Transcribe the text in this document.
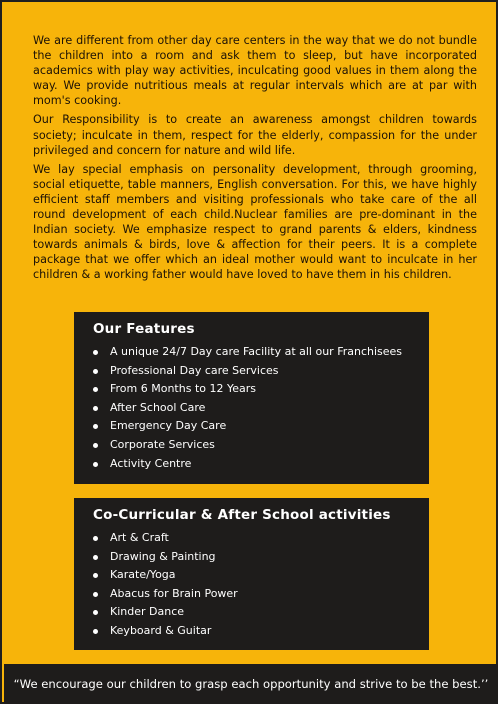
We are different from other day care centers in the way that we do not bundle the children into a room and ask them to sleep, but have incorporated academics with play way activities, inculcating good values in them along the way. We provide nutritious meals at regular intervals which are at par with mom's cooking.

Our Responsibility is to create an awareness amongst children towards society; inculcate in them, respect for the elderly, compassion for the under privileged and concern for nature and wild life.

We lay special emphasis on personality development, through grooming, social etiquette, table manners, English conversation. For this, we have highly efficient staff members and visiting professionals who take care of the all round development of each child.Nuclear families are pre-dominant in the Indian society. We emphasize respect to grand parents & elders, kindness towards animals & birds, love & affection for their peers. It is a complete package that we offer which an ideal mother would want to inculcate in her children & a working father would have loved to have them in his children.

Our Features
A unique 24/7 Day care Facility at all our Franchisees
Professional Day care Services
From 6 Months to 12 Years
After School Care
Emergency Day Care
Corporate Services
Activity Centre
Co-Curricular & After School activities
Art & Craft
Drawing & Painting
Karate/Yoga
Abacus for Brain Power
Kinder Dance
Keyboard & Guitar
“We encourage our children to grasp each opportunity and strive to be the best.’’
